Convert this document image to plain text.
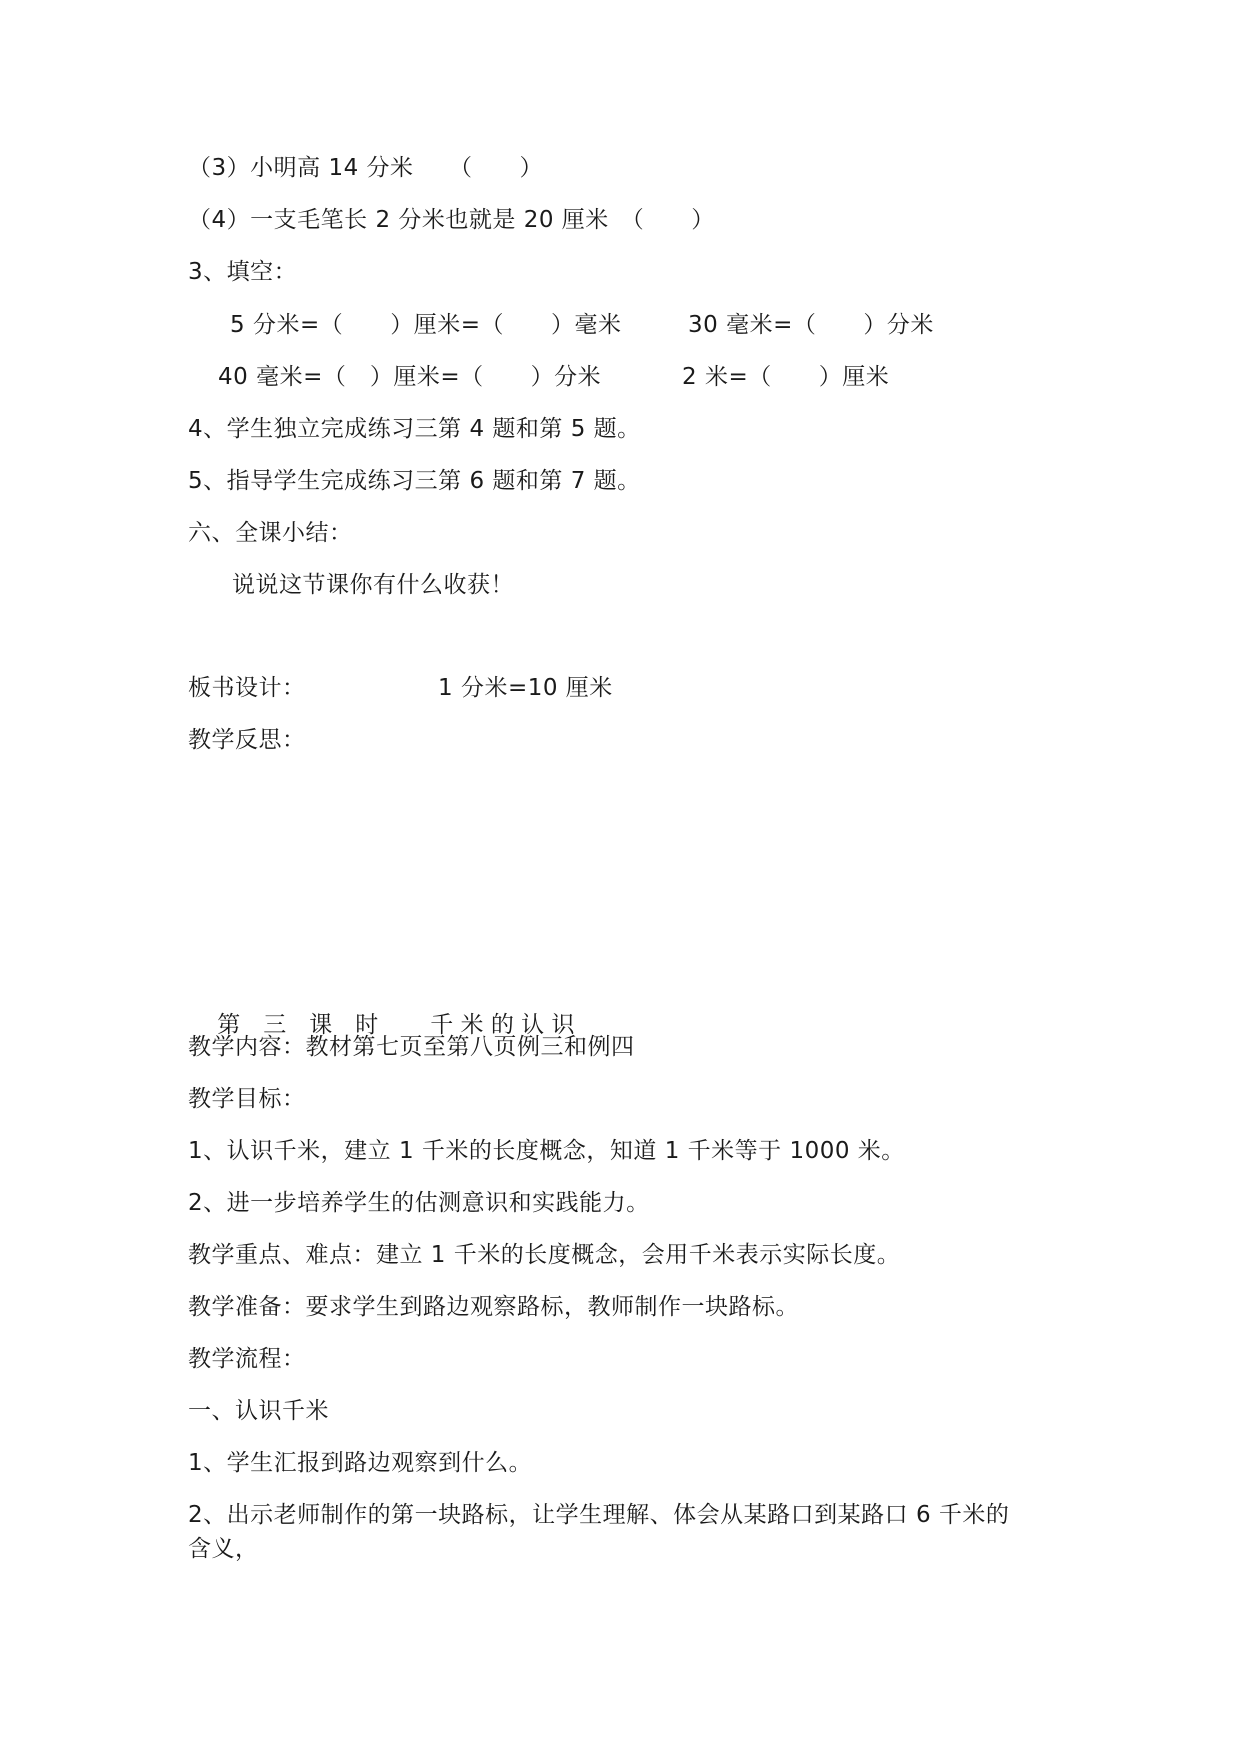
（3）小明高 14 分米　　（　　）
（4）一支毛笔长 2 分米也就是 20 厘米　（　　）
3、填空：
5 分米=（　　）厘米=（　　）毫米	30 毫米=（　　）分米
40 毫米=（　）厘米=（　　）分米	2 米=（　　）厘米
4、学生独立完成练习三第 4 题和第 5 题。
5、指导学生完成练习三第 6 题和第 7 题。
六、全课小结：
说说这节课你有什么收获！
板书设计：	1 分米=10 厘米
教学反思：

第　三　课　时 千 米 的 认 识

教学内容：教材第七页至第八页例三和例四
教学目标：
1、认识千米，建立 1 千米的长度概念，知道 1 千米等于 1000 米。
2、进一步培养学生的估测意识和实践能力。
教学重点、难点：建立 1 千米的长度概念，会用千米表示实际长度。
教学准备：要求学生到路边观察路标，教师制作一块路标。
教学流程：
一、认识千米
1、学生汇报到路边观察到什么。
2、出示老师制作的第一块路标，让学生理解、体会从某路口到某路口 6 千米的
含义，
